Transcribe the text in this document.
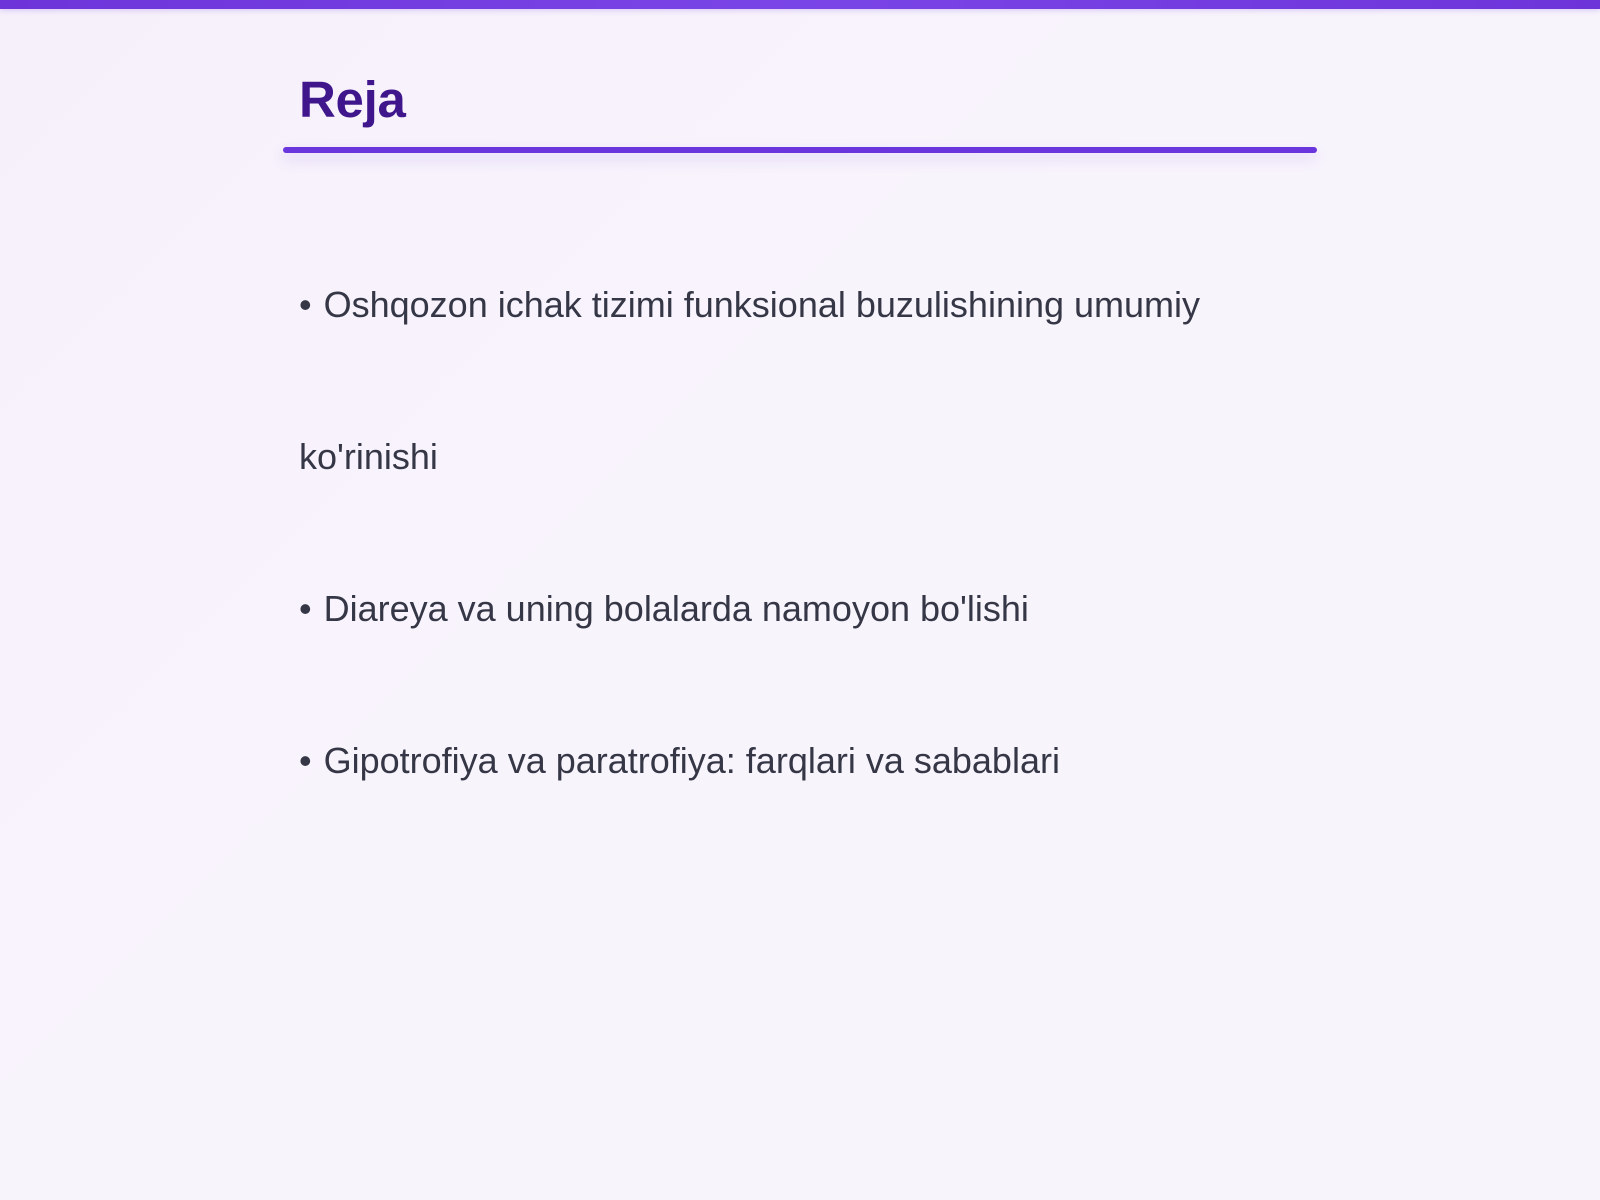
Reja

• Oshqozon ichak tizimi funksional buzulishining umumiy

ko'rinishi

• Diareya va uning bolalarda namoyon bo'lishi

• Gipotrofiya va paratrofiya: farqlari va sabablari
